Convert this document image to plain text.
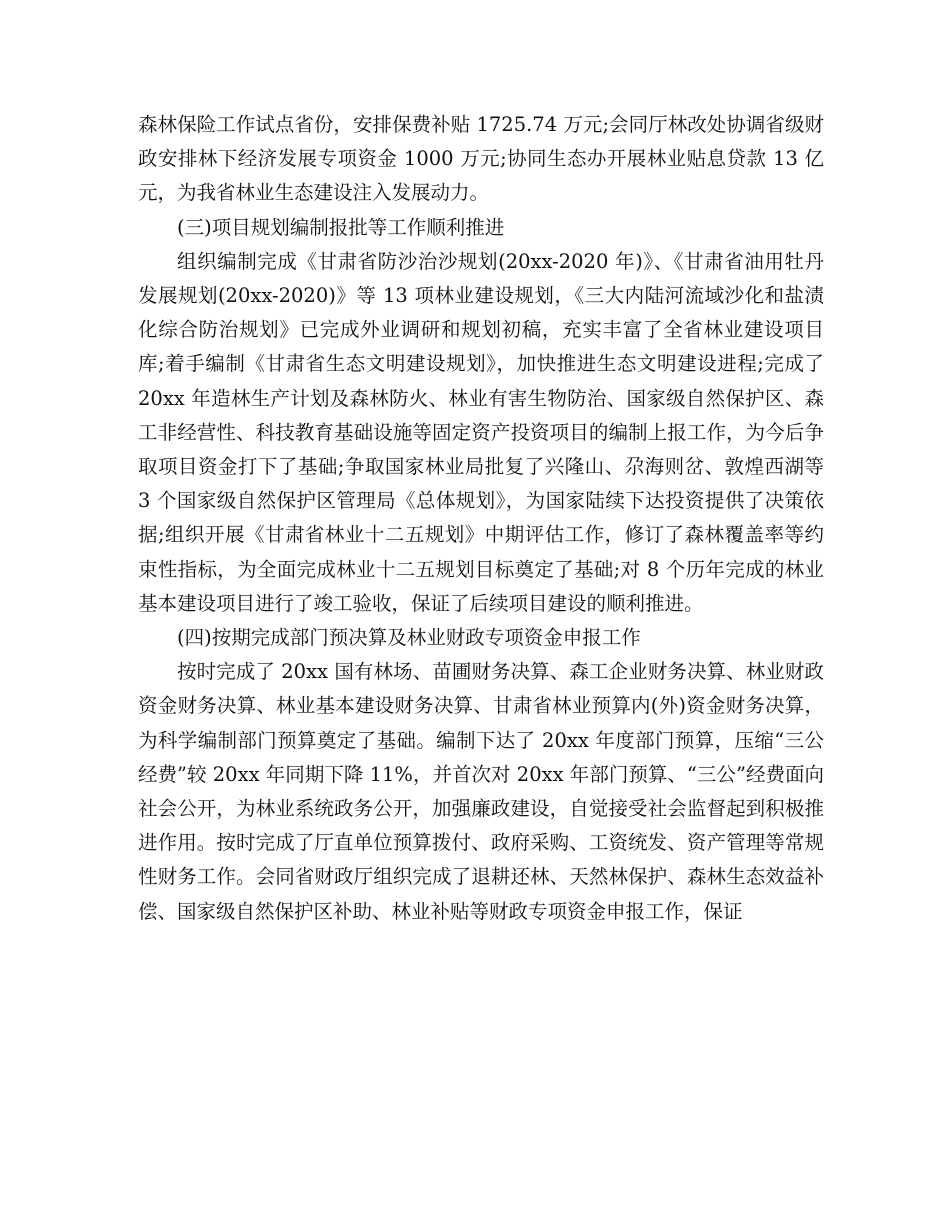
森林保险工作试点省份，安排保费补贴 1725.74 万元;会同厅林改处协调省级财政安排林下经济发展专项资金 1000 万元;协同生态办开展林业贴息贷款 13 亿元，为我省林业生态建设注入发展动力。

(三)项目规划编制报批等工作顺利推进

组织编制完成《甘肃省防沙治沙规划(20xx-2020 年)》、《甘肃省油用牡丹发展规划(20xx-2020)》等 13 项林业建设规划，《三大内陆河流域沙化和盐渍化综合防治规划》已完成外业调研和规划初稿，充实丰富了全省林业建设项目库;着手编制《甘肃省生态文明建设规划》，加快推进生态文明建设进程;完成了 20xx 年造林生产计划及森林防火、林业有害生物防治、国家级自然保护区、森工非经营性、科技教育基础设施等固定资产投资项目的编制上报工作，为今后争取项目资金打下了基础;争取国家林业局批复了兴隆山、尕海则岔、敦煌西湖等 3 个国家级自然保护区管理局《总体规划》，为国家陆续下达投资提供了决策依据;组织开展《甘肃省林业十二五规划》中期评估工作，修订了森林覆盖率等约束性指标，为全面完成林业十二五规划目标奠定了基础;对 8 个历年完成的林业基本建设项目进行了竣工验收，保证了后续项目建设的顺利推进。

(四)按期完成部门预决算及林业财政专项资金申报工作

按时完成了 20xx 国有林场、苗圃财务决算、森工企业财务决算、林业财政资金财务决算、林业基本建设财务决算、甘肃省林业预算内(外)资金财务决算，为科学编制部门预算奠定了基础。编制下达了 20xx 年度部门预算，压缩“三公经费”较 20xx 年同期下降 11%，并首次对 20xx 年部门预算、“三公”经费面向社会公开，为林业系统政务公开，加强廉政建设，自觉接受社会监督起到积极推进作用。按时完成了厅直单位预算拨付、政府采购、工资统发、资产管理等常规性财务工作。会同省财政厅组织完成了退耕还林、天然林保护、森林生态效益补偿、国家级自然保护区补助、林业补贴等财政专项资金申报工作，保证
